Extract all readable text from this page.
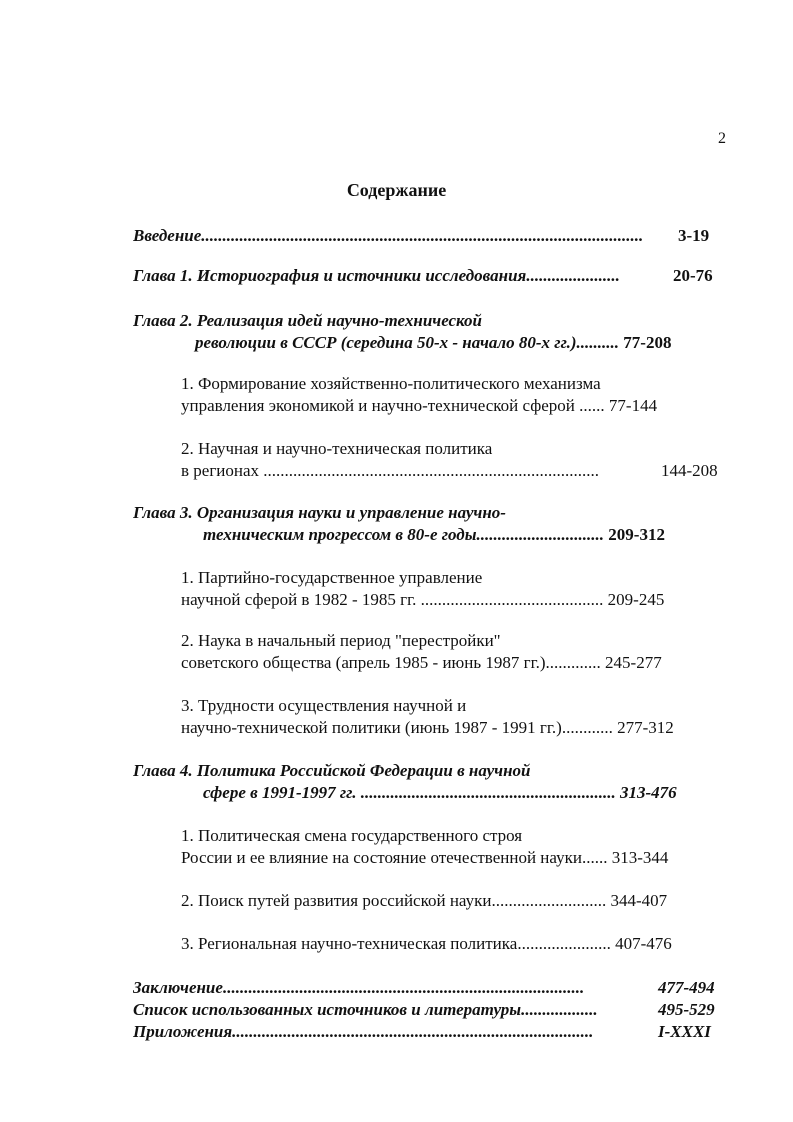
2
Содержание
Введение........................................................................................................ 3-19
Глава 1. Историография и источники исследования......................	20-76
Глава 2. Реализация идей научно-технической
революции в СССР (середина 50-х - начало 80-х гг.).......... 77-208
1. Формирование хозяйственно-политического механизма
управления экономикой и научно-технической сферой ...... 77-144
2. Научная и научно-техническая политика
в регионах ...............................................................................	144-208
Глава 3. Организация науки и управление научно-
техническим прогрессом в 80-е годы.............................. 209-312
1. Партийно-государственное управление
научной сферой в 1982 - 1985 гг. ........................................... 209-245
2. Наука в начальный период "перестройки"
советского общества (апрель 1985 - июнь 1987 гг.)............. 245-277
3. Трудности осуществления научной и
научно-технической политики (июнь 1987 - 1991 гг.)............ 277-312
Глава 4. Политика Российской Федерации в научной
сфере в 1991-1997 гг. ............................................................ 313-476
1. Политическая смена государственного строя
России и ее влияние на состояние отечественной науки...... 313-344
2. Поиск путей развития российской науки........................... 344-407
3. Региональная научно-техническая политика...................... 407-476
Заключение.....................................................................................	477-494
Список использованных источников и литературы..................	495-529
Приложения.....................................................................................	I-XXXI
